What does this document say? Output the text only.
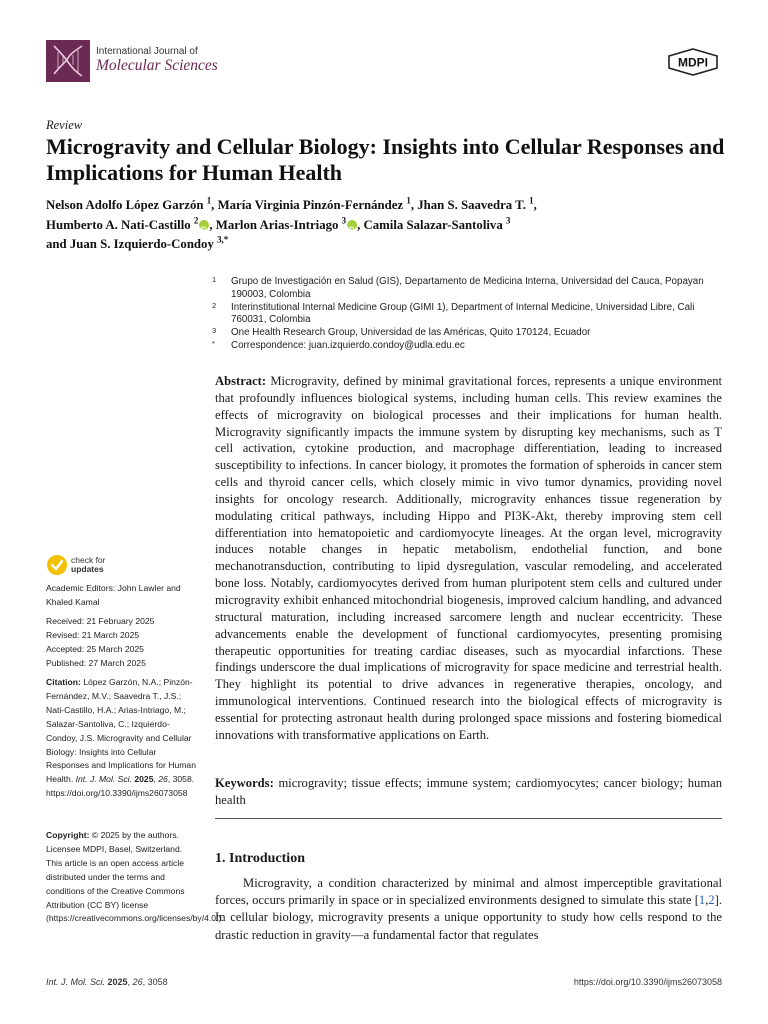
International Journal of
Molecular Sciences	MDPI
Review
Microgravity and Cellular Biology: Insights into Cellular Responses and Implications for Human Health
Nelson Adolfo López Garzón $^1$, María Virginia Pinzón-Fernández $^1$, Jhan S. Saavedra T. $^1$,
Humberto A. Nati-Castillo $^2$ iD , Marlon Arias-Intriago $^3$ iD , Camila Salazar-Santoliva $^3$
and Juan S. Izquierdo-Condoy $^{3,*}$
1 Grupo de Investigación en Salud (GIS), Departamento de Medicina Interna, Universidad del Cauca, Popayan 190003, Colombia
2 Interinstitutional Internal Medicine Group (GIMI 1), Department of Internal Medicine, Universidad Libre, Cali 760031, Colombia
3 One Health Research Group, Universidad de las Américas, Quito 170124, Ecuador
* Correspondence: juan.izquierdo.condoy@udla.edu.ec
Abstract: Microgravity, defined by minimal gravitational forces, represents a unique environment that profoundly influences biological systems, including human cells. This review examines the effects of microgravity on biological processes and their implications for human health. Microgravity significantly impacts the immune system by disrupting key mechanisms, such as T cell activation, cytokine production, and macrophage differentiation, leading to increased susceptibility to infections. In cancer biology, it promotes the formation of spheroids in cancer stem cells and thyroid cancer cells, which closely mimic in vivo tumor dynamics, providing novel insights for oncology research. Additionally, microgravity enhances tissue regeneration by modulating critical pathways, including Hippo and PI3K-Akt, thereby improving stem cell differentiation into hematopoietic and cardiomyocyte lineages. At the organ level, microgravity induces notable changes in hepatic metabolism, endothelial function, and bone mechanotransduction, contributing to lipid dysregulation, vascular remodeling, and accelerated bone loss. Notably, cardiomyocytes derived from human pluripotent stem cells and cultured under microgravity exhibit enhanced mitochondrial biogenesis, improved calcium handling, and advanced structural maturation, including increased sarcomere length and nuclear eccentricity. These advancements enable the development of functional cardiomyocytes, presenting promising therapeutic opportunities for treating cardiac diseases, such as myocardial infarctions. These findings underscore the dual implications of microgravity for space medicine and terrestrial health. They highlight its potential to drive advances in regenerative therapies, oncology, and immunological interventions. Continued research into the biological effects of microgravity is essential for protecting astronaut health during prolonged space missions and fostering biomedical innovations with transformative applications on Earth.
Keywords: microgravity; tissue effects; immune system; cardiomyocytes; cancer biology; human health
1. Introduction
Microgravity, a condition characterized by minimal and almost imperceptible gravitational forces, occurs primarily in space or in specialized environments designed to simulate this state [1,2]. In cellular biology, microgravity presents a unique opportunity to study how cells respond to the drastic reduction in gravity—a fundamental factor that regulates
check for
updates
Academic Editors: John Lawler and Khaled Kamal
Received: 21 February 2025
Revised: 21 March 2025
Accepted: 25 March 2025
Published: 27 March 2025
Citation: López Garzón, N.A.; Pinzón-Fernández, M.V.; Saavedra T., J.S.; Nati-Castillo, H.A.; Arias-Intriago, M.; Salazar-Santoliva, C.; Izquierdo-Condoy, J.S. Microgravity and Cellular Biology: Insights into Cellular Responses and Implications for Human Health. Int. J. Mol. Sci. 2025, 26, 3058. https://doi.org/10.3390/ijms26073058
Copyright: © 2025 by the authors. Licensee MDPI, Basel, Switzerland. This article is an open access article distributed under the terms and conditions of the Creative Commons Attribution (CC BY) license (https://creativecommons.org/licenses/by/4.0/).
Int. J. Mol. Sci. 2025, 26, 3058	https://doi.org/10.3390/ijms26073058
